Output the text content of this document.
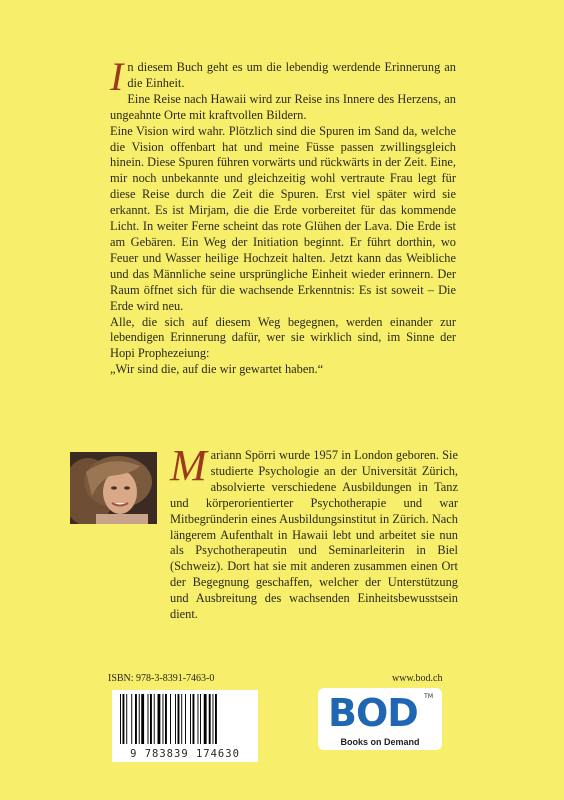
I n diesem Buch geht es um die lebendig werdende Erinnerung an die Einheit.

Eine Reise nach Hawaii wird zur Reise ins Innere des Herzens, an ungeahnte Orte mit kraftvollen Bildern.

Eine Vision wird wahr. Plötzlich sind die Spuren im Sand da, welche die Vision offenbart hat und meine Füsse passen zwillingsgleich hinein. Diese Spuren führen vorwärts und rückwärts in der Zeit. Eine, mir noch unbekannte und gleichzeitig wohl vertraute Frau legt für diese Reise durch die Zeit die Spuren. Erst viel später wird sie erkannt. Es ist Mirjam, die die Erde vorbereitet für das kommende Licht. In weiter Ferne scheint das rote Glühen der Lava. Die Erde ist am Gebären. Ein Weg der Initiation beginnt. Er führt dorthin, wo Feuer und Wasser heilige Hochzeit halten. Jetzt kann das Weibliche und das Männliche seine ursprüngliche Einheit wieder erinnern. Der Raum öffnet sich für die wachsende Erkenntnis: Es ist soweit – Die Erde wird neu.

Alle, die sich auf diesem Weg begegnen, werden einander zur lebendigen Erinnerung dafür, wer sie wirklich sind, im Sinne der Hopi Prophezeiung:

„Wir sind die, auf die wir gewartet haben.“

M ariann Spörri wurde 1957 in London geboren. Sie studierte Psychologie an der Universität Zürich, absolvierte verschiedene Ausbildungen in Tanz und körperorientierter Psychotherapie und war Mitbegründerin eines Ausbildungsinstitut in Zürich. Nach längerem Aufenthalt in Hawaii lebt und arbeitet sie nun als Psychotherapeutin und Seminarleiterin in Biel (Schweiz). Dort hat sie mit anderen zusammen einen Ort der Begegnung geschaffen, welcher der Unterstützung und Ausbreitung des wachsenden Einheitsbewusstsein dient.
ISBN: 978-3-8391-7463-0	www.bod.ch
9 783839 174630
BOD TM
Books on Demand
